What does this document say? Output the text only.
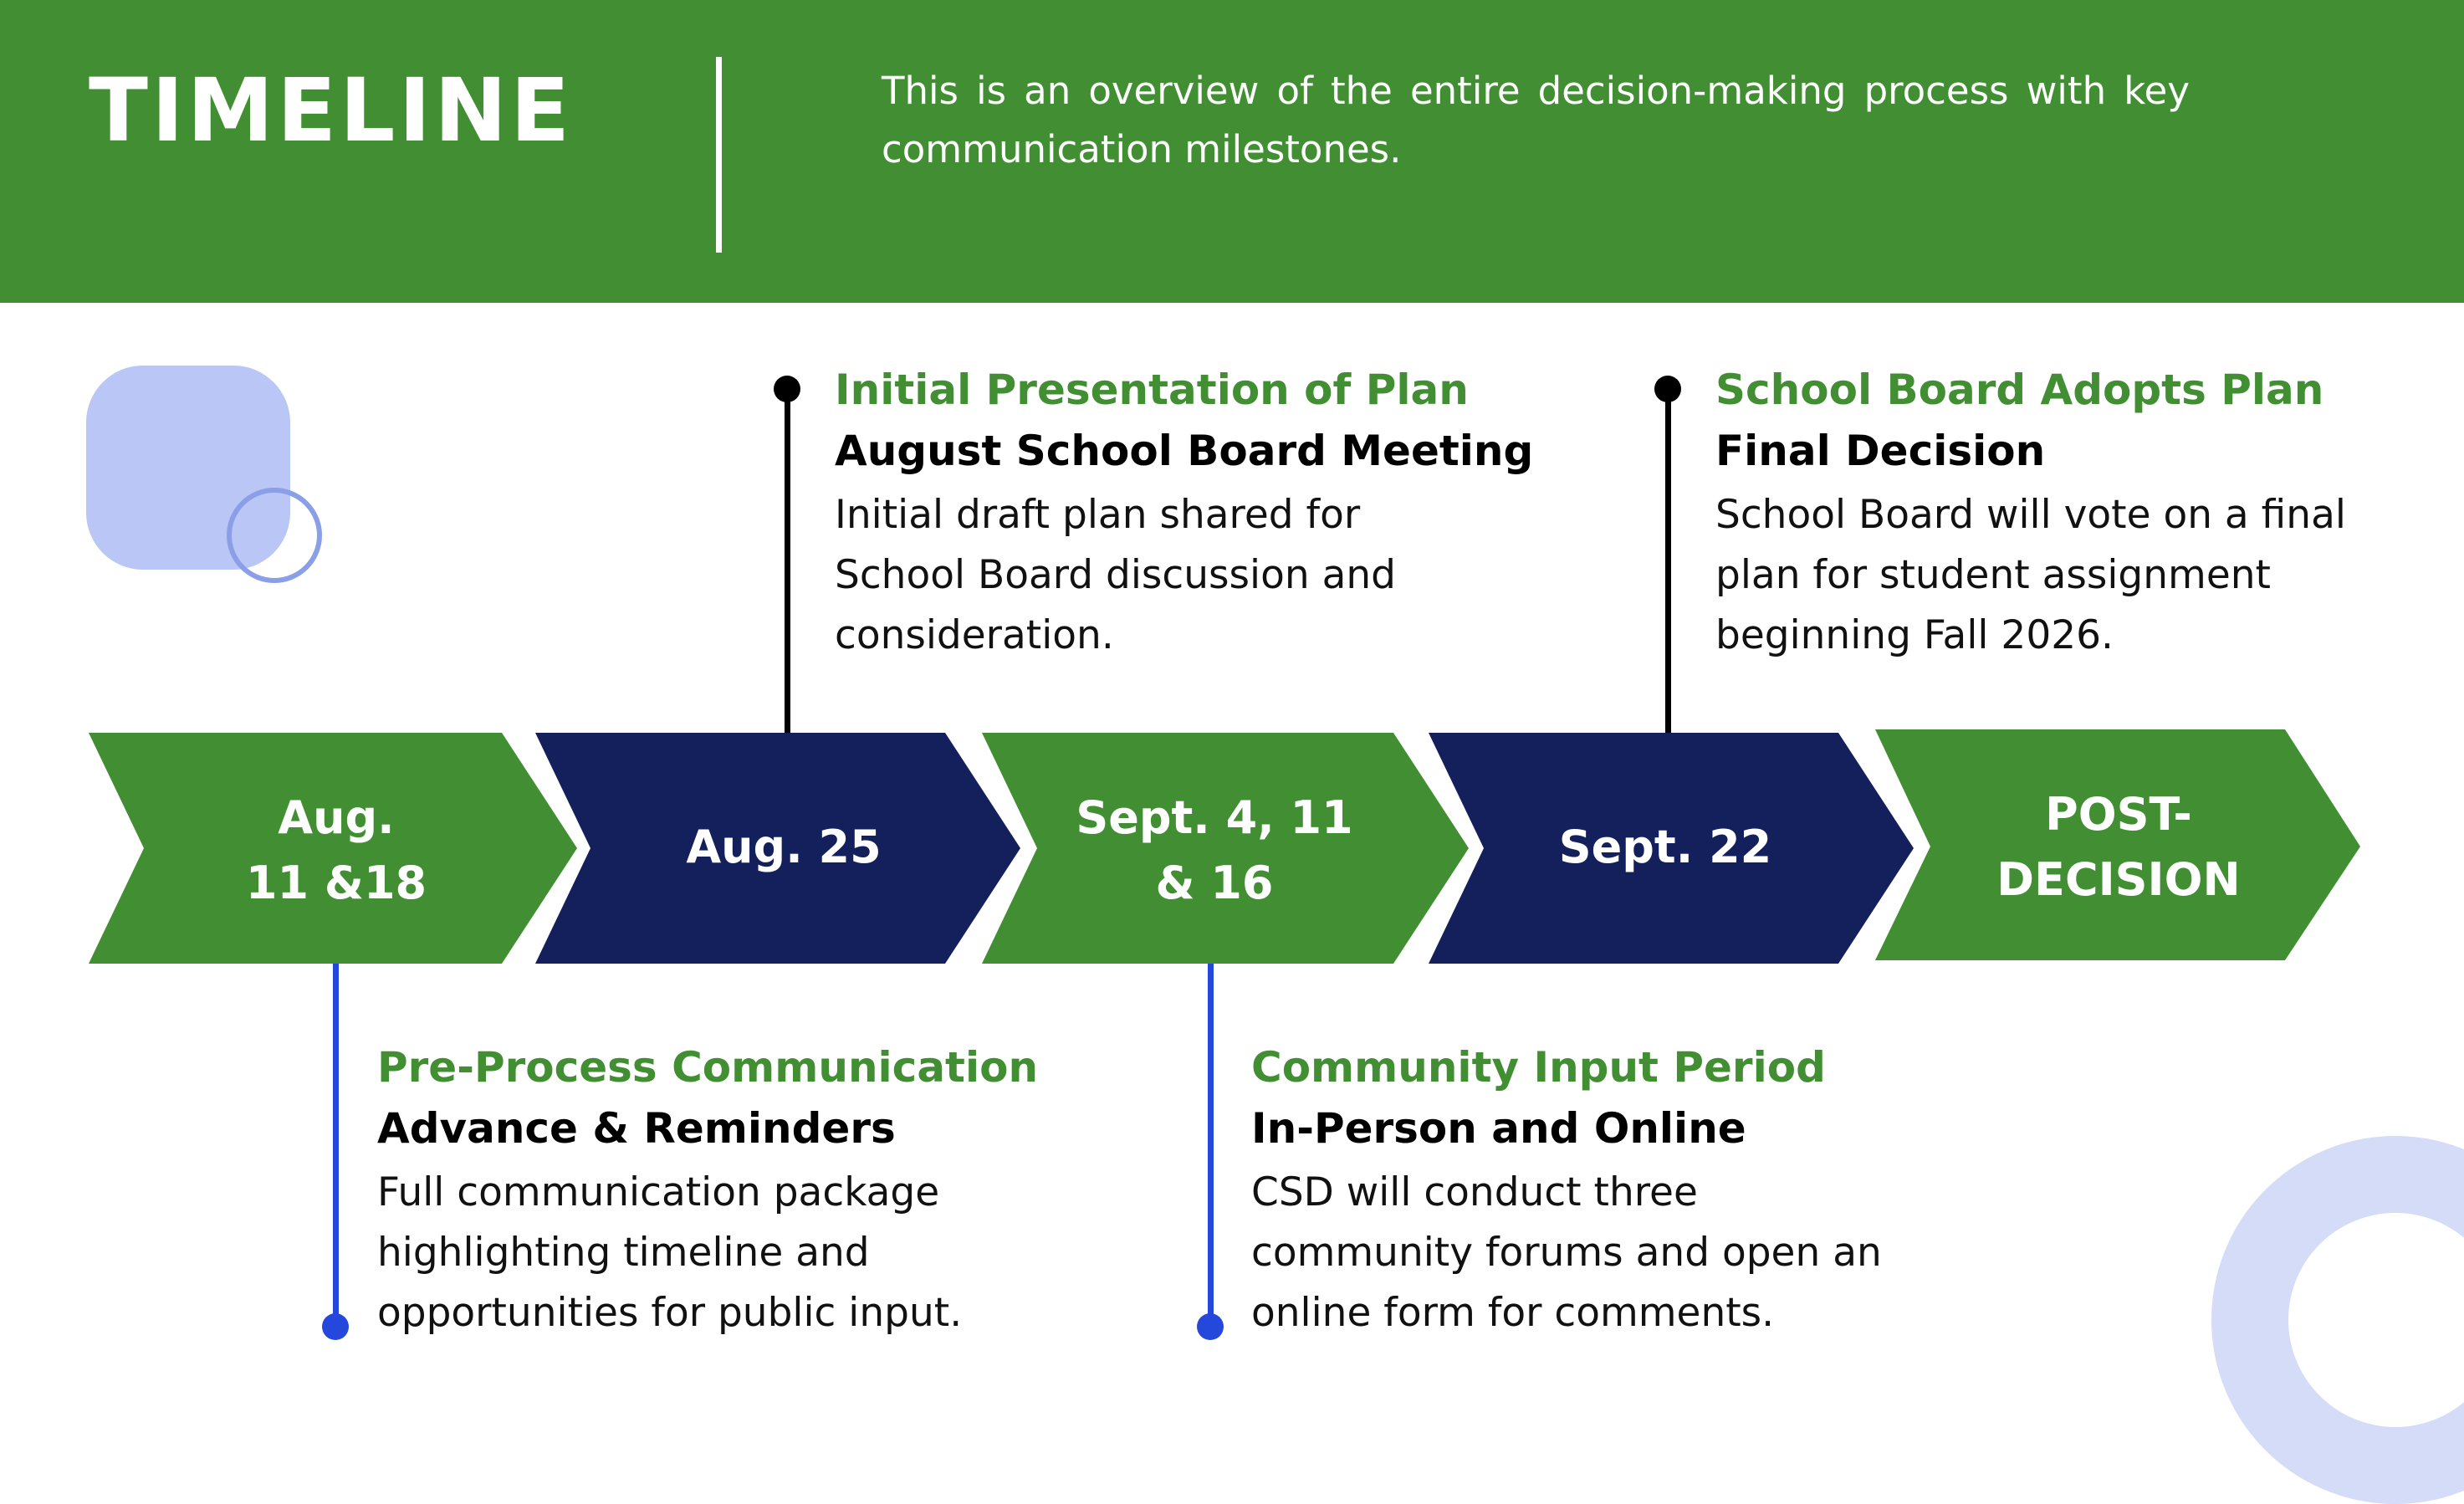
TIMELINE	This is an overview of the entire decision-making process with key communication milestones.
Aug.
11 &18
Aug. 25
Sept. 4, 11
& 16
Sept. 22
POST-
DECISION
Initial Presentation of Plan
August School Board Meeting
Initial draft plan shared for School Board discussion and consideration.
School Board Adopts Plan
Final Decision
School Board will vote on a final plan for student assignment beginning Fall 2026.
Pre-Process Communication
Advance & Reminders
Full communication package highlighting timeline and opportunities for public input.
Community Input Period
In-Person and Online
CSD will conduct three community forums and open an online form for comments.
